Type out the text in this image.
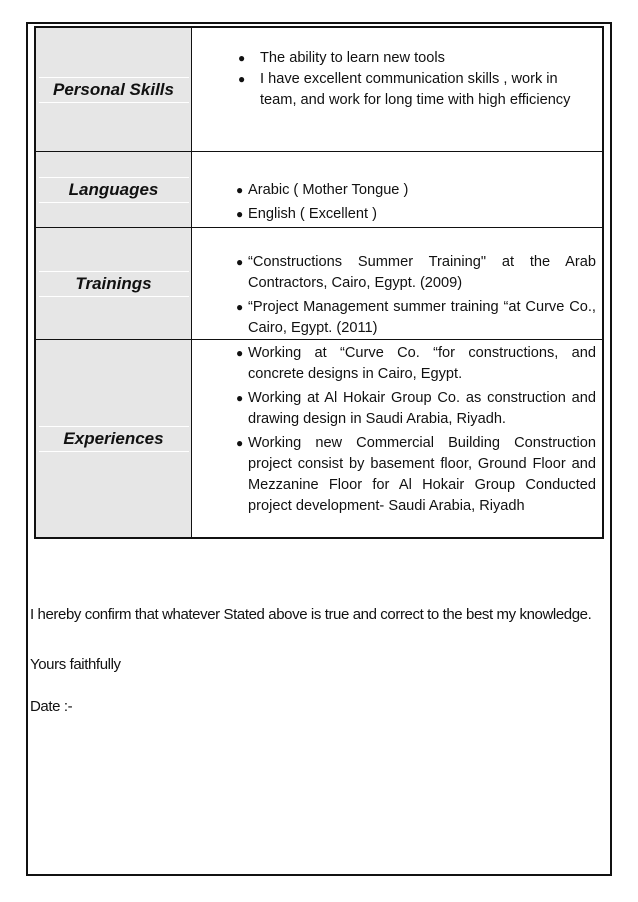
Personal Skills
● The ability to learn new tools
● I have excellent communication skills , work in team, and work for long time with high efficiency
Languages	● Arabic ( Mother Tongue )
● English ( Excellent )
Trainings
● “Constructions Summer Training" at the Arab Contractors, Cairo, Egypt. (2009)
● “Project Management summer training “at Curve Co., Cairo, Egypt. (2011)
Experiences
● Working at “Curve Co. “for constructions, and concrete designs in Cairo, Egypt.
● Working at Al Hokair Group Co. as construction and drawing design in Saudi Arabia, Riyadh.
● Working new Commercial Building Construction project consist by basement floor, Ground Floor and Mezzanine Floor for Al Hokair Group Conducted project development- Saudi Arabia, Riyadh

I hereby confirm that whatever Stated above is true and correct to the best my knowledge.

Yours faithfully

Date :-
